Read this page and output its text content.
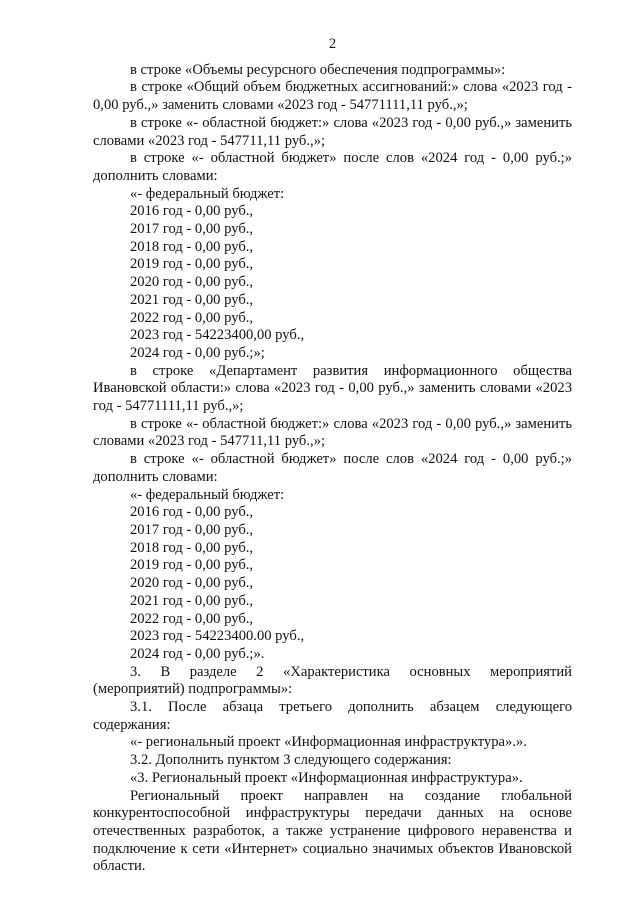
2

в строке «Объемы ресурсного обеспечения подпрограммы»:

в строке «Общий объем бюджетных ассигнований:» слова «2023 год - 0,00 руб.,» заменить словами «2023 год - 54771111,11 руб.,»;

в строке «- областной бюджет:» слова «2023 год - 0,00 руб.,» заменить словами «2023 год - 547711,11 руб.,»;

в строке «- областной бюджет» после слов «2024 год - 0,00 руб.;» дополнить словами:

«- федеральный бюджет:

2016 год - 0,00 руб.,

2017 год - 0,00 руб.,

2018 год - 0,00 руб.,

2019 год - 0,00 руб.,

2020 год - 0,00 руб.,

2021 год - 0,00 руб.,

2022 год - 0,00 руб.,

2023 год - 54223400,00 руб.,

2024 год - 0,00 руб.;»;

в строке «Департамент развития информационного общества Ивановской области:» слова «2023 год - 0,00 руб.,» заменить словами «2023 год - 54771111,11 руб.,»;

в строке «- областной бюджет:» слова «2023 год - 0,00 руб.,» заменить словами «2023 год - 547711,11 руб.,»;

в строке «- областной бюджет» после слов «2024 год - 0,00 руб.;» дополнить словами:

«- федеральный бюджет:

2016 год - 0,00 руб.,

2017 год - 0,00 руб.,

2018 год - 0,00 руб.,

2019 год - 0,00 руб.,

2020 год - 0,00 руб.,

2021 год - 0,00 руб.,

2022 год - 0,00 руб.,

2023 год - 54223400.00 руб.,

2024 год - 0,00 руб.;».

3. В разделе 2 «Характеристика основных мероприятий (мероприятий) подпрограммы»:

3.1. После абзаца третьего дополнить абзацем следующего содержания:

«- региональный проект «Информационная инфраструктура».».

3.2. Дополнить пунктом 3 следующего содержания:

«3. Региональный проект «Информационная инфраструктура».

Региональный проект направлен на создание глобальной конкурентоспособной инфраструктуры передачи данных на основе отечественных разработок, а также устранение цифрового неравенства и подключение к сети «Интернет» социально значимых объектов Ивановской области.
